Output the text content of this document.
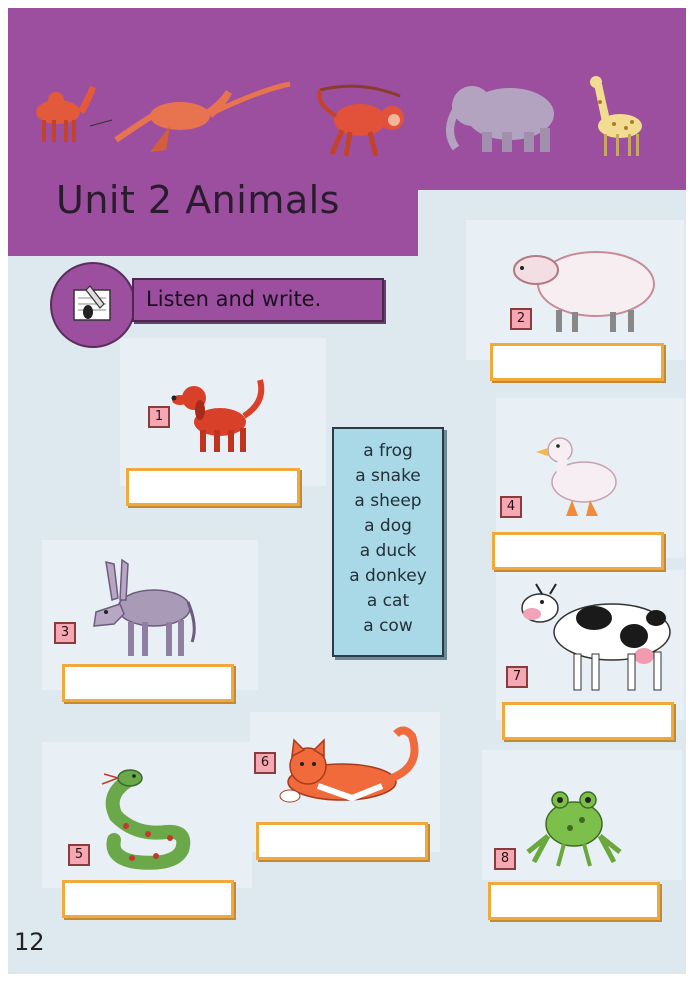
Unit 2 Animals
Listen and write.
a frog
a snake
a sheep
a dog
a duck
a donkey
a cat
a cow
1
2
3
4
7
6
5	8
12
